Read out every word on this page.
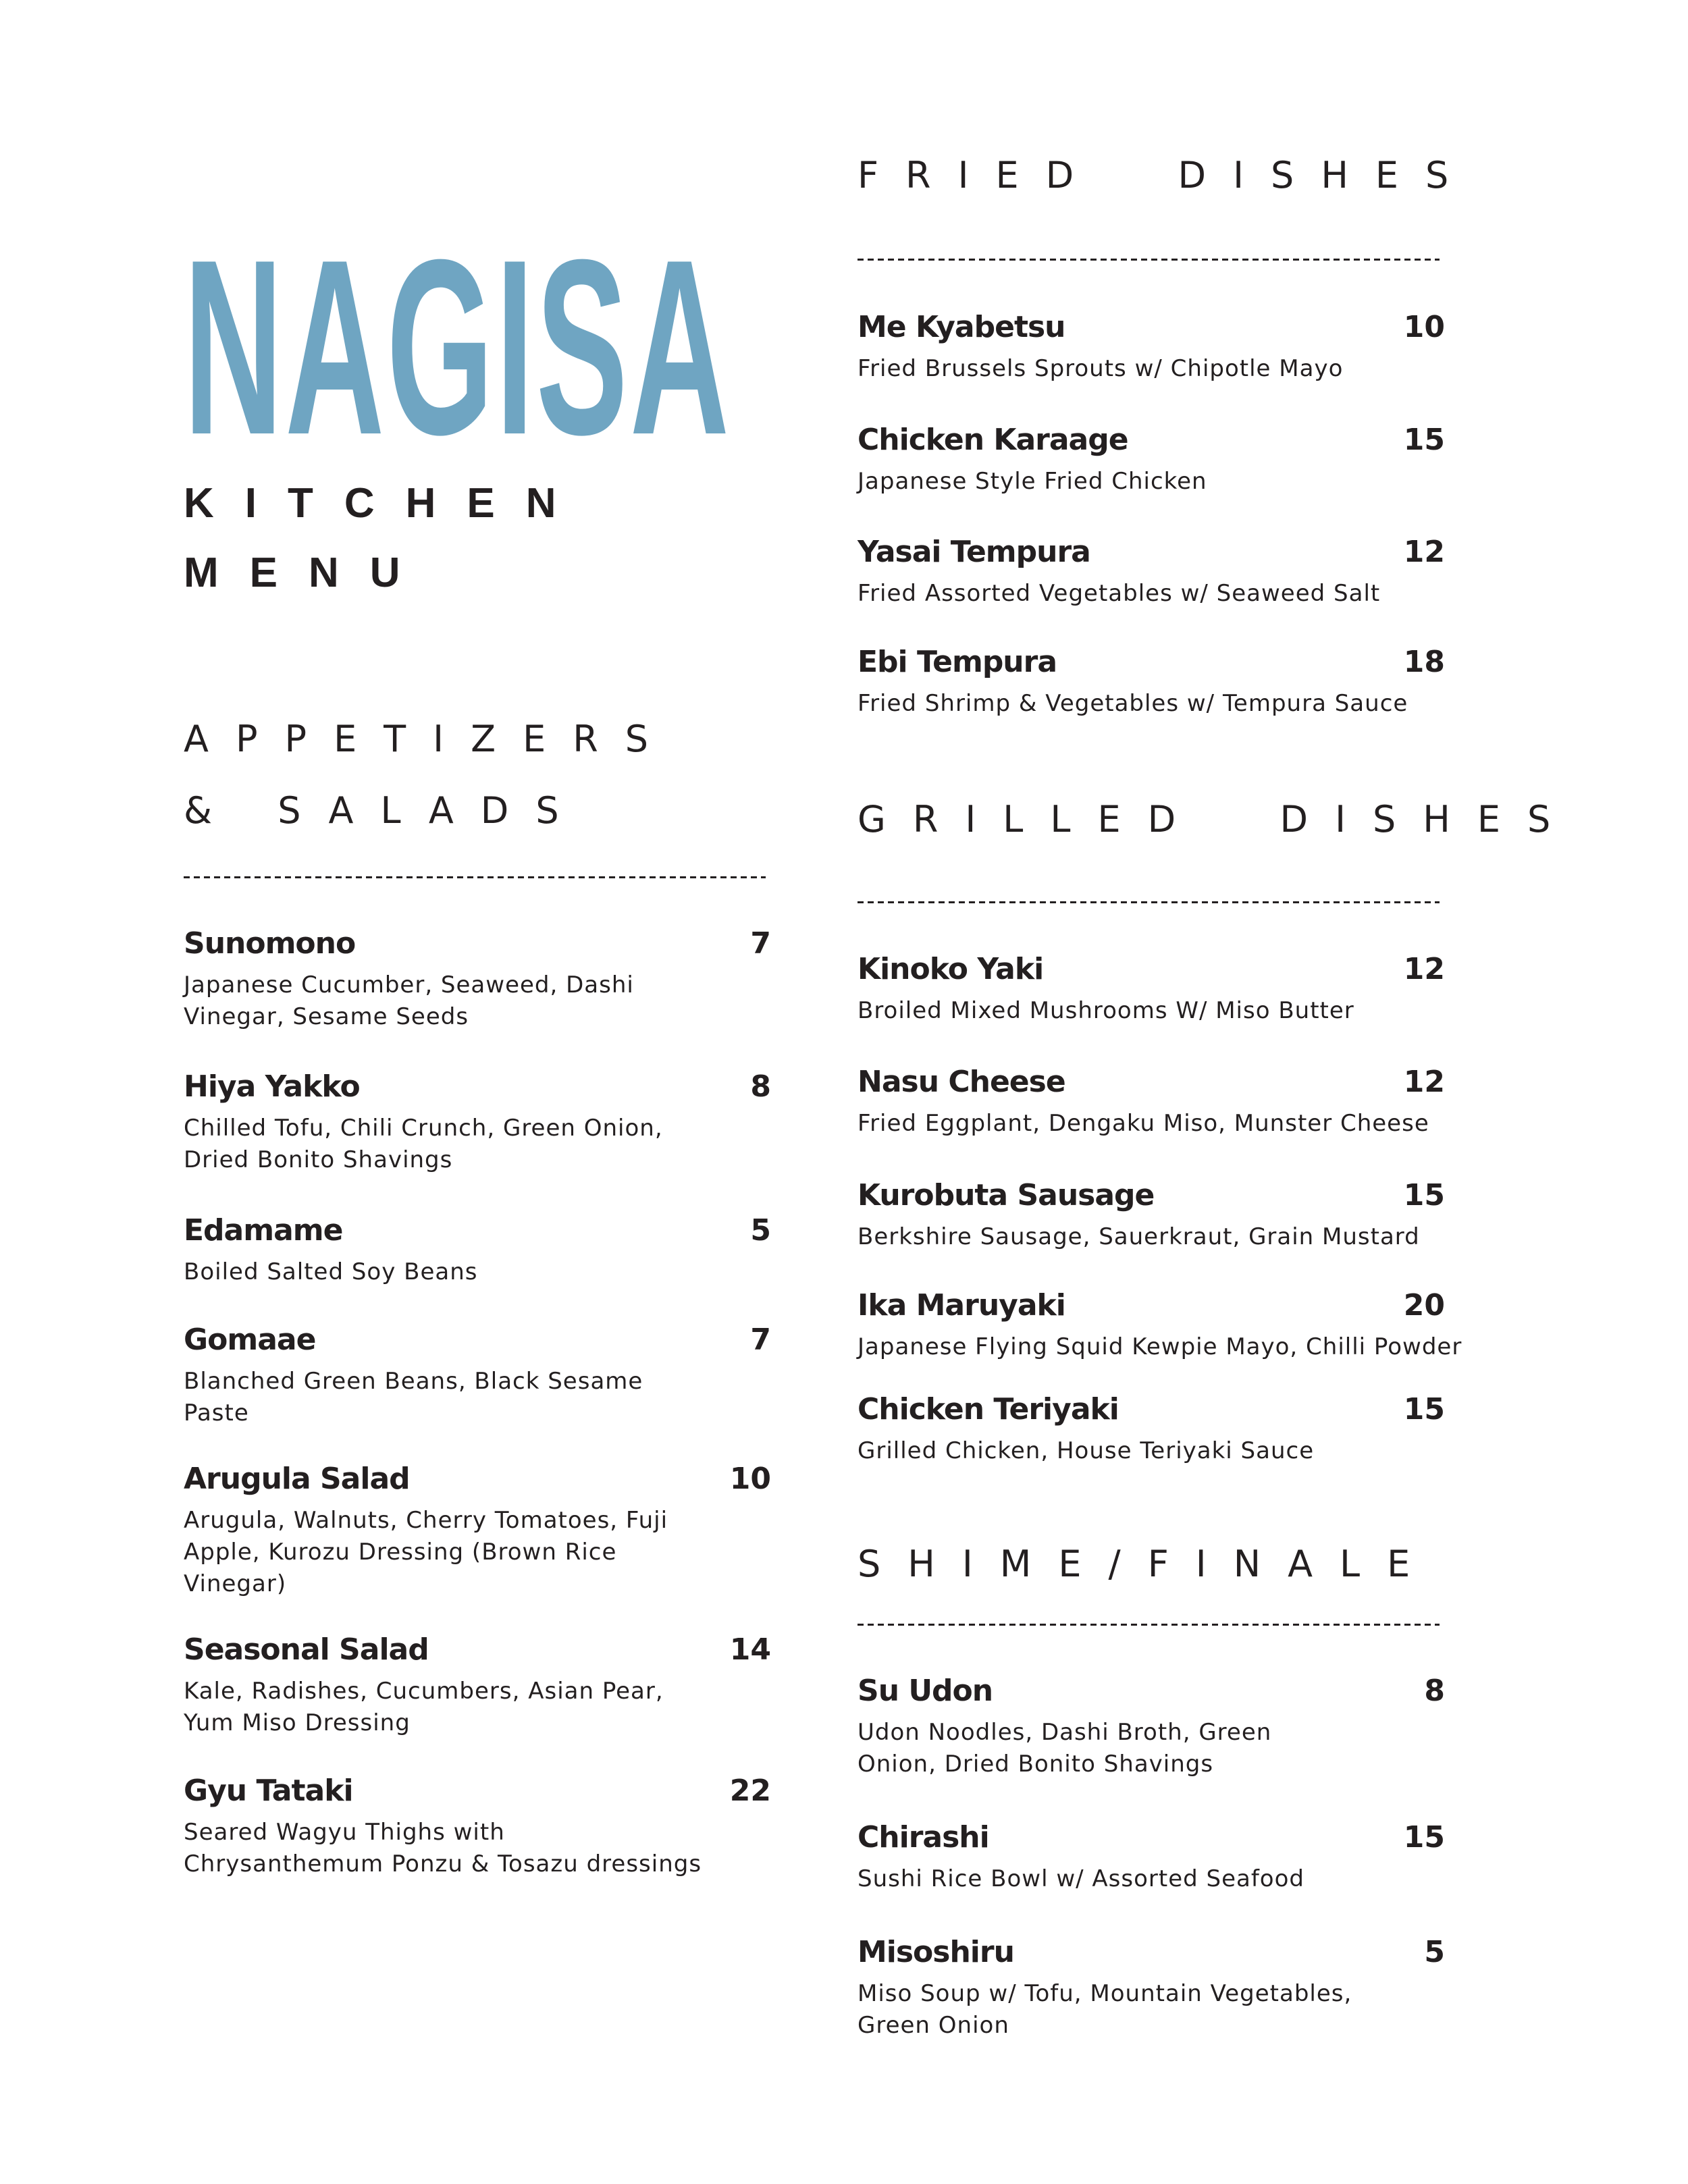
NAGISA
KITCHEN
MENU
APPETIZERS
& SALADS
Sunomono	7
Japanese Cucumber, Seaweed, Dashi
Vinegar, Sesame Seeds
Hiya Yakko	8
Chilled Tofu, Chili Crunch, Green Onion,
Dried Bonito Shavings
Edamame	5
Boiled Salted Soy Beans
Gomaae	7
Blanched Green Beans, Black Sesame
Paste
Arugula Salad	10
Arugula, Walnuts, Cherry Tomatoes, Fuji
Apple, Kurozu Dressing (Brown Rice
Vinegar)
Seasonal Salad	14
Kale, Radishes, Cucumbers, Asian Pear,
Yum Miso Dressing
Gyu Tataki	22
Seared Wagyu Thighs with
Chrysanthemum Ponzu & Tosazu dressings
FRIED  DISHES
Me Kyabetsu	10
Fried Brussels Sprouts w/ Chipotle Mayo
Chicken Karaage	15
Japanese Style Fried Chicken
Yasai Tempura	12
Fried Assorted Vegetables w/ Seaweed Salt
Ebi Tempura	18
Fried Shrimp & Vegetables w/ Tempura Sauce
GRILLED  DISHES
Kinoko Yaki	12
Broiled Mixed Mushrooms W/ Miso Butter
Nasu Cheese	12
Fried Eggplant, Dengaku Miso, Munster Cheese
Kurobuta Sausage	15
Berkshire Sausage, Sauerkraut, Grain Mustard
Ika Maruyaki	20
Japanese Flying Squid Kewpie Mayo, Chilli Powder
Chicken Teriyaki	15
Grilled Chicken, House Teriyaki Sauce
SHIME/FINALE
Su Udon	8
Udon Noodles, Dashi Broth, Green
Onion, Dried Bonito Shavings
Chirashi	15
Sushi Rice Bowl w/ Assorted Seafood
Misoshiru	5
Miso Soup w/ Tofu, Mountain Vegetables,
Green Onion
